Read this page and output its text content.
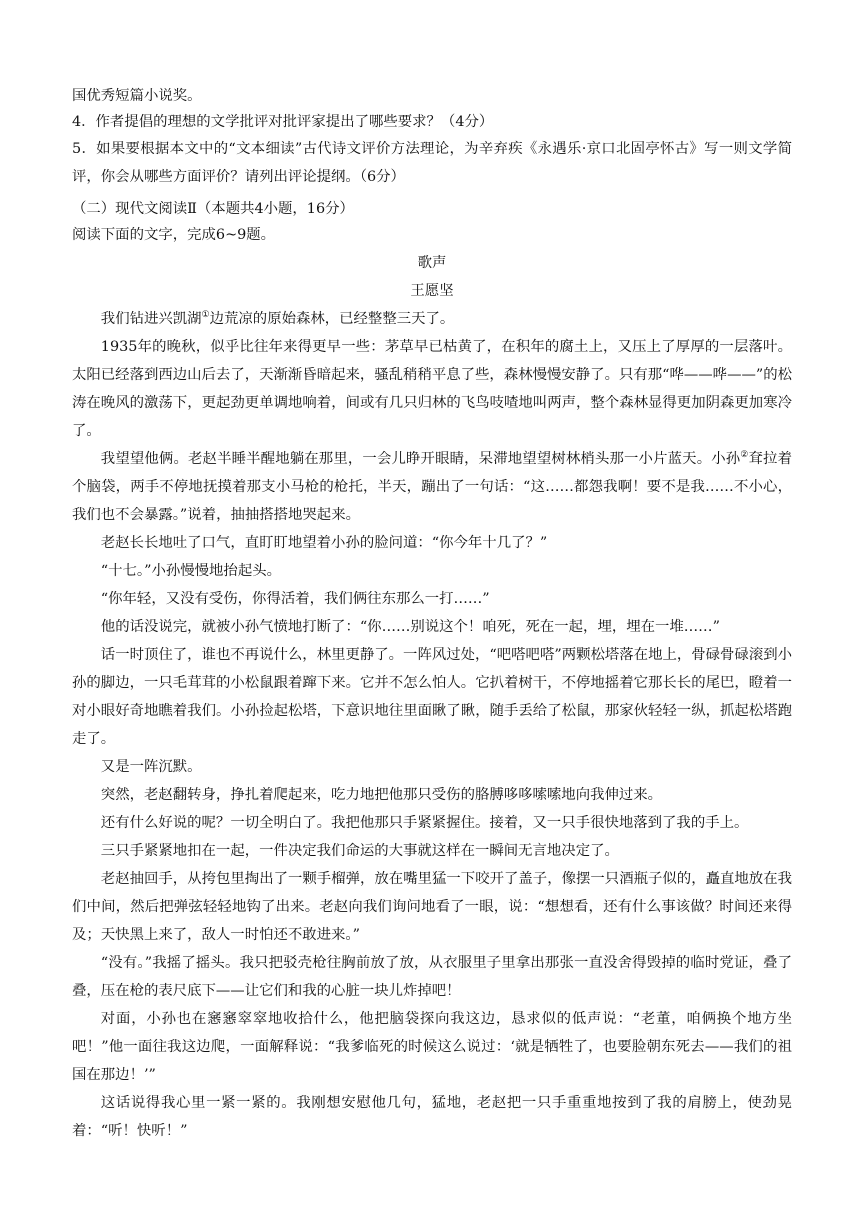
国优秀短篇小说奖。

4．作者提倡的理想的文学批评对批评家提出了哪些要求？（4分）

5．如果要根据本文中的“文本细读”古代诗文评价方法理论，为辛弃疾《永遇乐·京口北固亭怀古》写一则文学简评，你会从哪些方面评价？请列出评论提纲。（6分）

（二）现代文阅读Ⅱ（本题共4小题，16分）

阅读下面的文字，完成6~9题。

歌声

王愿坚

我们钻进兴凯湖①边荒凉的原始森林，已经整整三天了。

1935年的晚秋，似乎比往年来得更早一些：茅草早已枯黄了，在积年的腐土上，又压上了厚厚的一层落叶。太阳已经落到西边山后去了，天渐渐昏暗起来，骚乱稍稍平息了些，森林慢慢安静了。只有那“哗——哗——”的松涛在晚风的激荡下，更起劲更单调地响着，间或有几只归林的飞鸟吱喳地叫两声，整个森林显得更加阴森更加寒冷了。

我望望他俩。老赵半睡半醒地躺在那里，一会儿睁开眼睛，呆滞地望望树林梢头那一小片蓝天。小孙②耷拉着个脑袋，两手不停地抚摸着那支小马枪的枪托，半天，蹦出了一句话：“这……都怨我啊！要不是我……不小心，我们也不会暴露。”说着，抽抽搭搭地哭起来。

老赵长长地吐了口气，直盯盯地望着小孙的脸问道：“你今年十几了？”

“十七。”小孙慢慢地抬起头。

“你年轻，又没有受伤，你得活着，我们俩往东那么一打……”

他的话没说完，就被小孙气愤地打断了：“你……别说这个！咱死，死在一起，埋，埋在一堆……”

话一时顶住了，谁也不再说什么，林里更静了。一阵风过处，“吧嗒吧嗒”两颗松塔落在地上，骨碌骨碌滚到小孙的脚边，一只毛茸茸的小松鼠跟着蹿下来。它并不怎么怕人。它扒着树干，不停地摇着它那长长的尾巴，瞪着一对小眼好奇地瞧着我们。小孙捡起松塔，下意识地往里面瞅了瞅，随手丢给了松鼠，那家伙轻轻一纵，抓起松塔跑走了。

又是一阵沉默。

突然，老赵翻转身，挣扎着爬起来，吃力地把他那只受伤的胳膊哆哆嗦嗦地向我伸过来。

还有什么好说的呢？一切全明白了。我把他那只手紧紧握住。接着，又一只手很快地落到了我的手上。

三只手紧紧地扣在一起，一件决定我们命运的大事就这样在一瞬间无言地决定了。

老赵抽回手，从挎包里掏出了一颗手榴弹，放在嘴里猛一下咬开了盖子，像摆一只酒瓶子似的，矗直地放在我们中间，然后把弹弦轻轻地钩了出来。老赵向我们询问地看了一眼，说：“想想看，还有什么事该做？时间还来得及；天快黑上来了，敌人一时怕还不敢进来。”

“没有。”我摇了摇头。我只把驳壳枪往胸前放了放，从衣服里子里拿出那张一直没舍得毁掉的临时党证，叠了叠，压在枪的表尺底下——让它们和我的心脏一块儿炸掉吧！

对面，小孙也在窸窸窣窣地收拾什么，他把脑袋探向我这边，恳求似的低声说：“老董，咱俩换个地方坐吧！”他一面往我这边爬，一面解释说：“我爹临死的时候这么说过：‘就是牺牲了，也要脸朝东死去——我们的祖国在那边！’”

这话说得我心里一紧一紧的。我刚想安慰他几句，猛地，老赵把一只手重重地按到了我的肩膀上，使劲晃着：“听！快听！”
